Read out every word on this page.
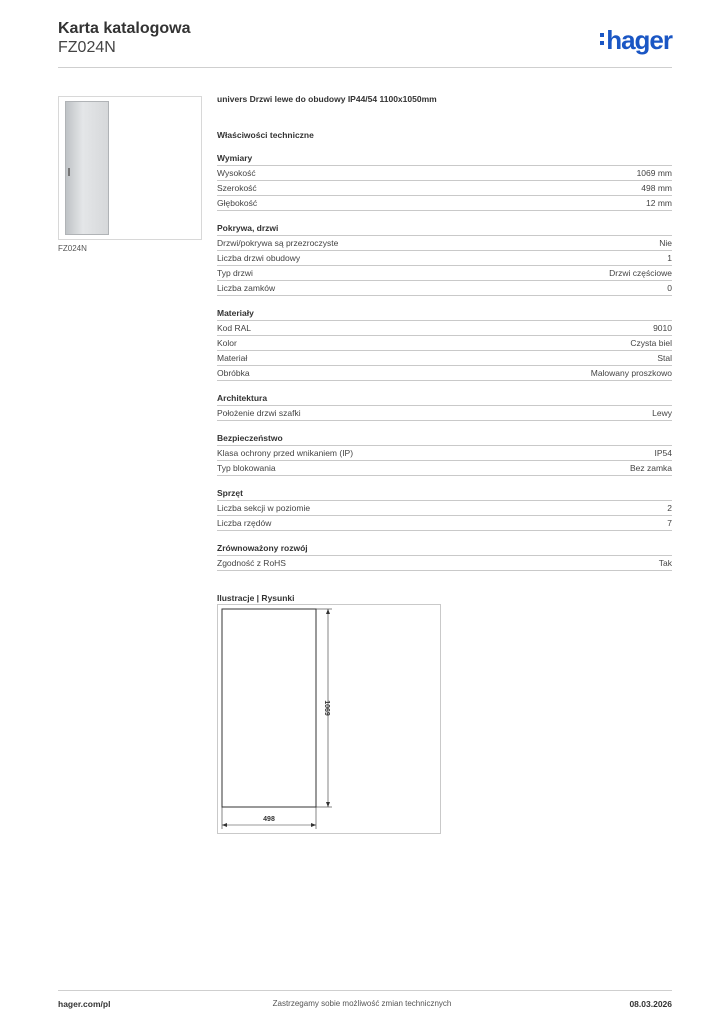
Karta katalogowa
FZ024N	hager
FZ024N
univers Drzwi lewe do obudowy IP44/54 1100x1050mm
Właściwości techniczne
Wymiary
Wysokość	1069 mm
Szerokość	498 mm
Głębokość	12 mm
Pokrywa, drzwi
Drzwi/pokrywa są przezroczyste	Nie
Liczba drzwi obudowy	1
Typ drzwi	Drzwi częściowe
Liczba zamków	0
Materiały
Kod RAL	9010
Kolor	Czysta biel
Materiał	Stal
Obróbka	Malowany proszkowo
Architektura
Położenie drzwi szafki	Lewy
Bezpieczeństwo
Klasa ochrony przed wnikaniem (IP)	IP54
Typ blokowania	Bez zamka
Sprzęt
Liczba sekcji w poziomie	2
Liczba rzędów	7
Zrównoważony rozwój
Zgodność z RoHS	Tak
Ilustracje | Rysunki
1069
498
hager.com/pl	Zastrzegamy sobie możliwość zmian technicznych	08.03.2026
